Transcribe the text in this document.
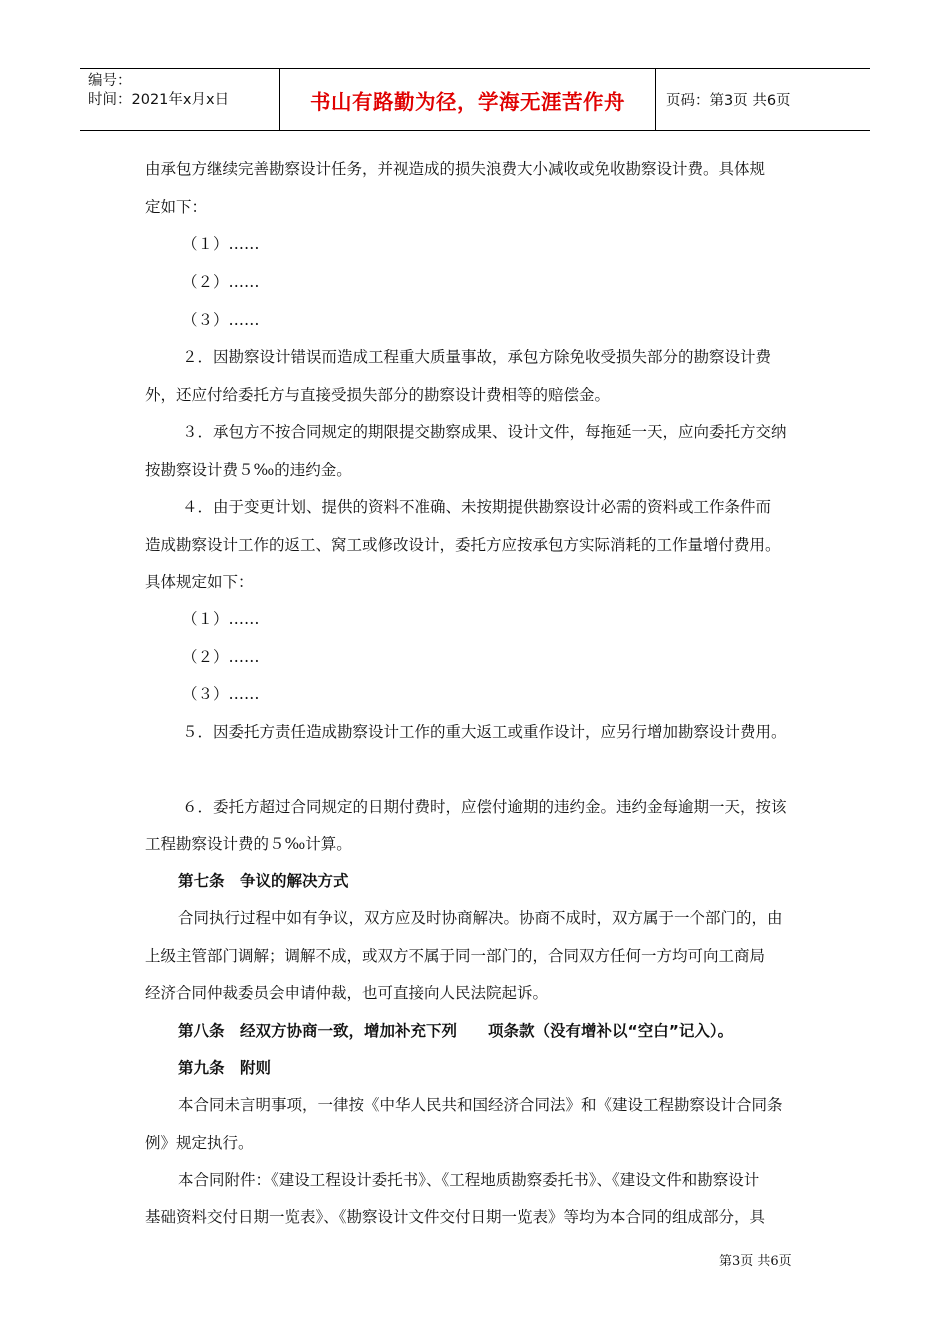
编号：
时间：2021年x月x日	书山有路勤为径，学海无涯苦作舟	页码：第3页 共6页
由承包方继续完善勘察设计任务，并视造成的损失浪费大小减收或免收勘察设计费。具体规
定如下：
（１）……
（２）……
（３）……
２．因勘察设计错误而造成工程重大质量事故，承包方除免收受损失部分的勘察设计费
外，还应付给委托方与直接受损失部分的勘察设计费相等的赔偿金。
３．承包方不按合同规定的期限提交勘察成果、设计文件，每拖延一天，应向委托方交纳
按勘察设计费５‰的违约金。
４．由于变更计划、提供的资料不准确、未按期提供勘察设计必需的资料或工作条件而
造成勘察设计工作的返工、窝工或修改设计，委托方应按承包方实际消耗的工作量增付费用。
具体规定如下：
（１）……
（２）……
（３）……
５．因委托方责任造成勘察设计工作的重大返工或重作设计，应另行增加勘察设计费用。
６．委托方超过合同规定的日期付费时，应偿付逾期的违约金。违约金每逾期一天，按该
工程勘察设计费的５‰计算。
第七条　争议的解决方式
合同执行过程中如有争议，双方应及时协商解决。协商不成时，双方属于一个部门的，由
上级主管部门调解；调解不成，或双方不属于同一部门的，合同双方任何一方均可向工商局
经济合同仲裁委员会申请仲裁，也可直接向人民法院起诉。
第八条　经双方协商一致，增加补充下列　　项条款（没有增补以“空白”记入）。
第九条　附则
本合同未言明事项，一律按《中华人民共和国经济合同法》和《建设工程勘察设计合同条
例》规定执行。
本合同附件：《建设工程设计委托书》、《工程地质勘察委托书》、《建设文件和勘察设计
基础资料交付日期一览表》、《勘察设计文件交付日期一览表》等均为本合同的组成部分，具
第3页 共6页
